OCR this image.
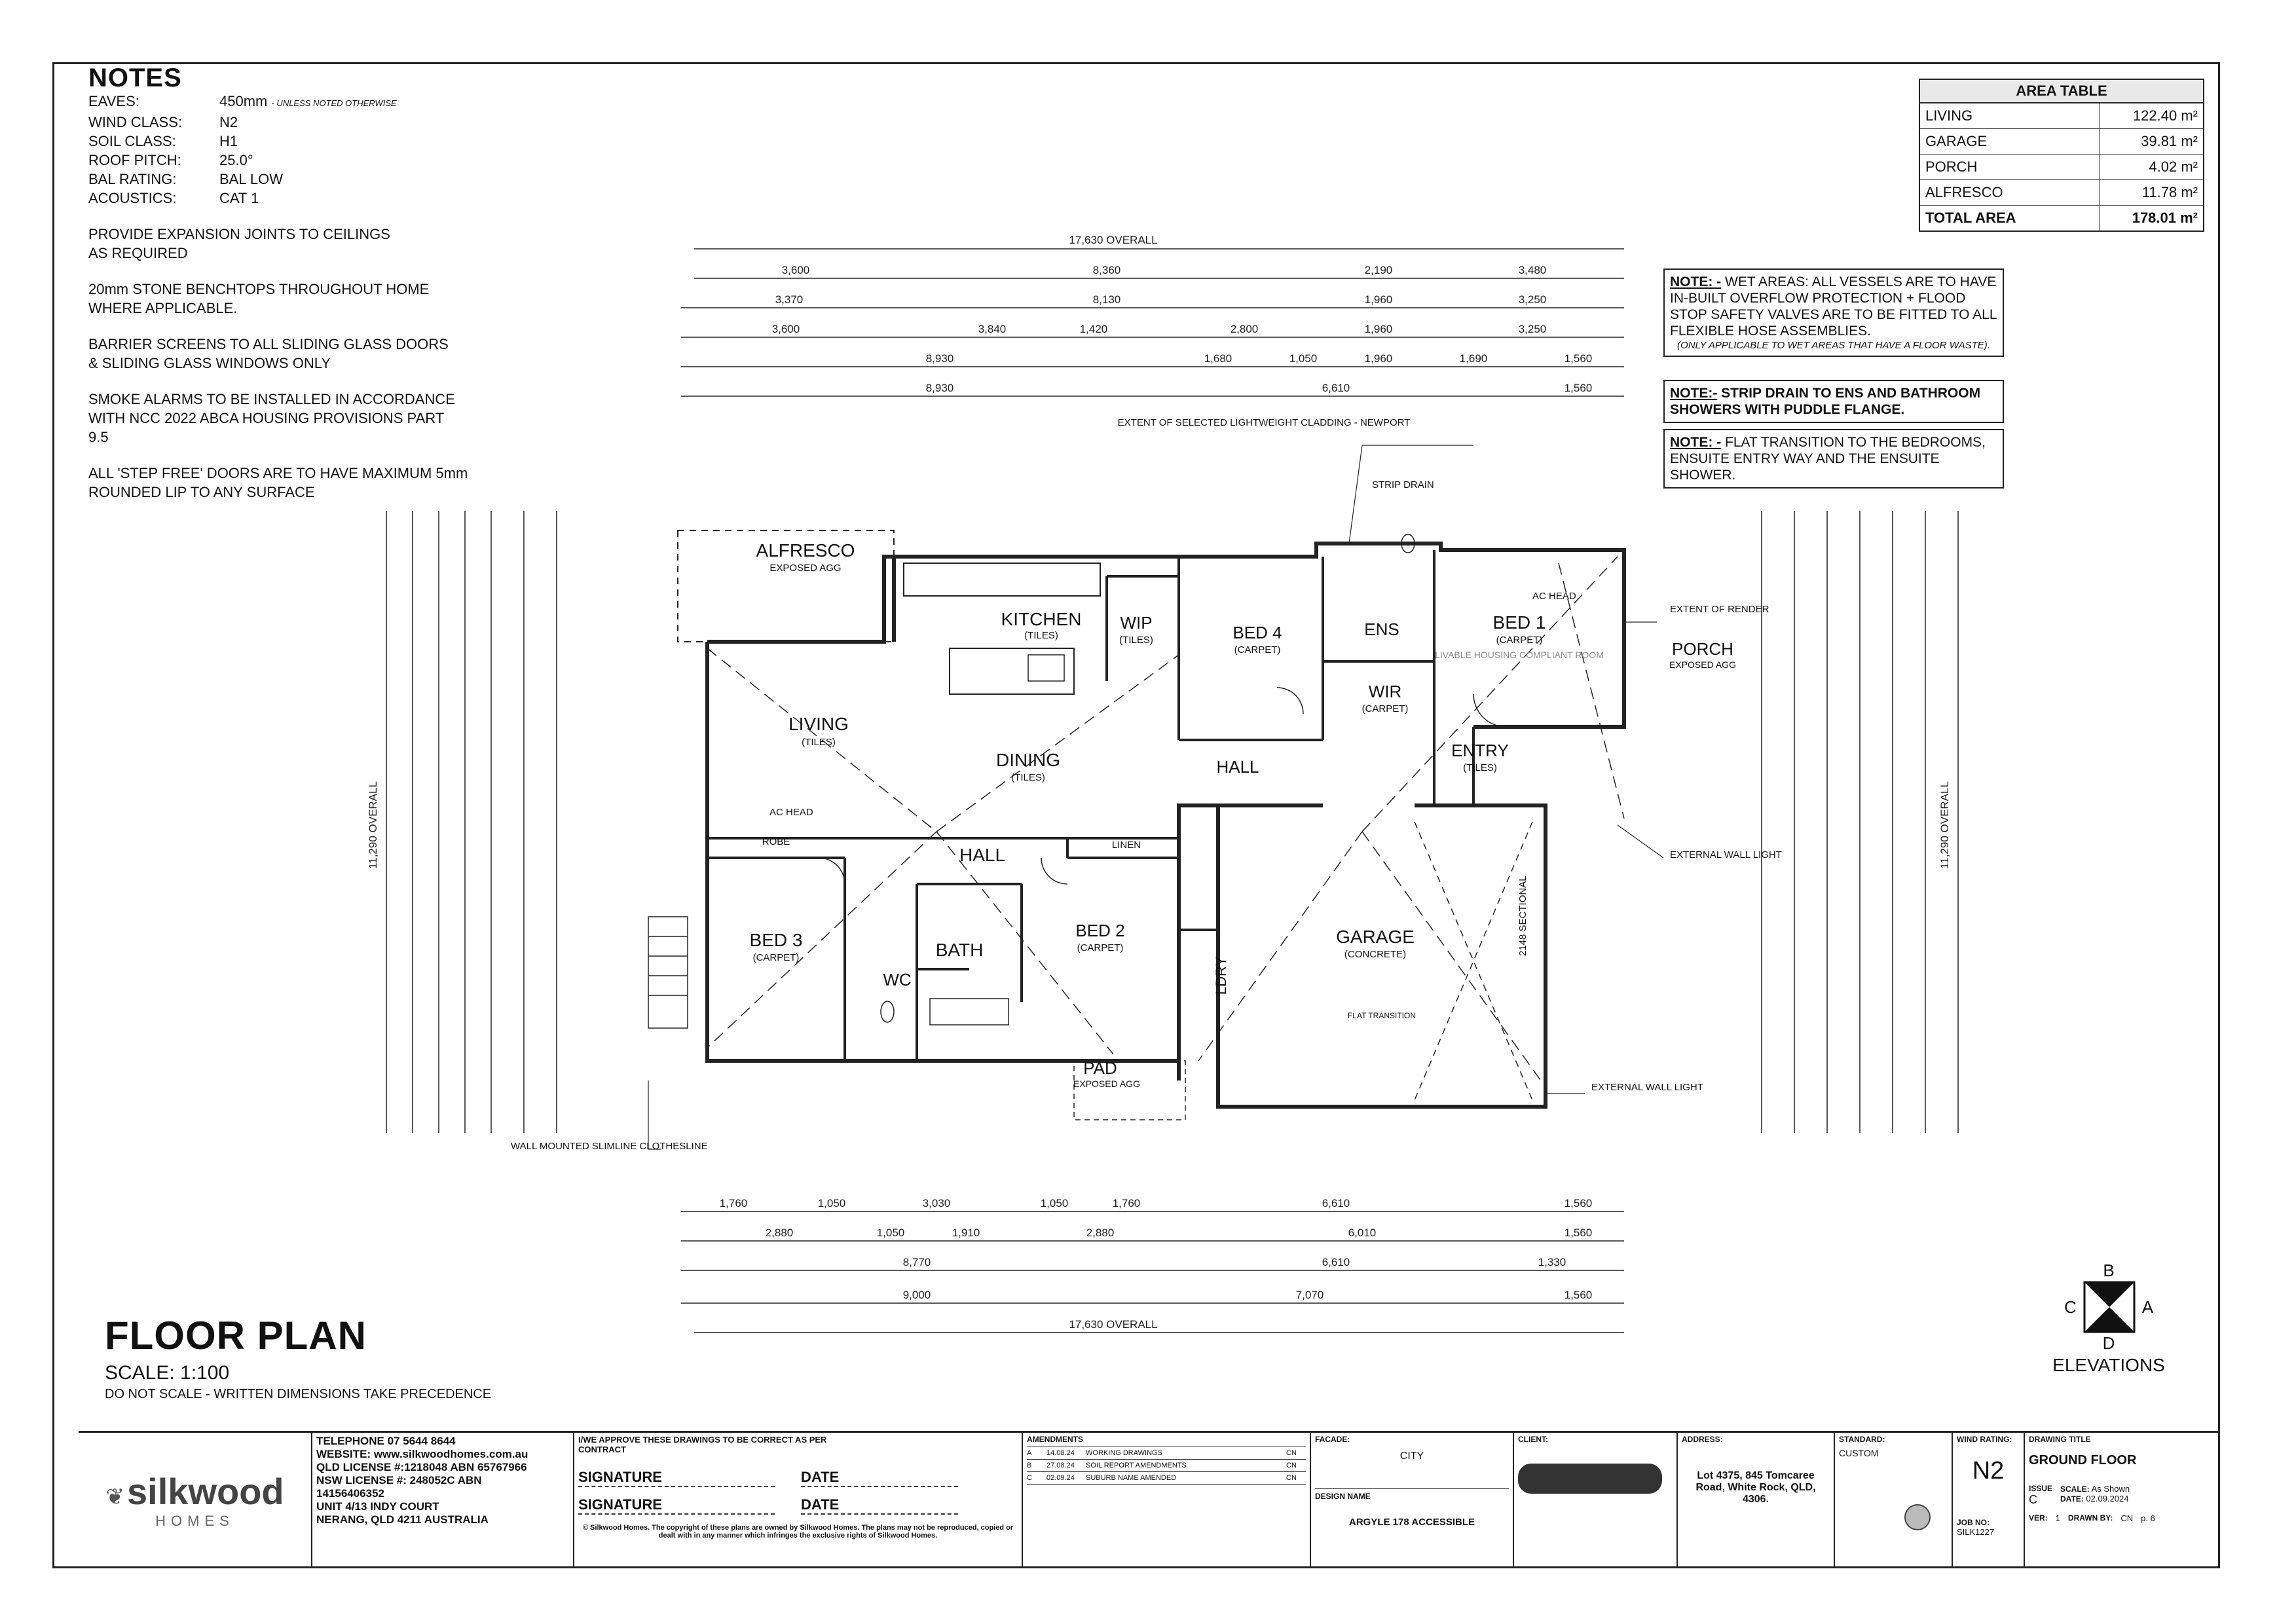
NOTES
EAVES:	450mm - UNLESS NOTED OTHERWISE
WIND CLASS:	N2
SOIL CLASS:	H1
ROOF PITCH:	25.0°
BAL RATING:	BAL LOW
ACOUSTICS:	CAT 1
PROVIDE EXPANSION JOINTS TO CEILINGS AS REQUIRED
20mm STONE BENCHTOPS THROUGHOUT HOME WHERE APPLICABLE.
BARRIER SCREENS TO ALL SLIDING GLASS DOORS & SLIDING GLASS WINDOWS ONLY
SMOKE ALARMS TO BE INSTALLED IN ACCORDANCE WITH NCC 2022 ABCA HOUSING PROVISIONS PART 9.5
ALL 'STEP FREE' DOORS ARE TO HAVE MAXIMUM 5mm ROUNDED LIP TO ANY SURFACE
AREA TABLE
LIVING	122.40 m²
GARAGE	39.81 m²
PORCH	4.02 m²
ALFRESCO	11.78 m²
TOTAL AREA	178.01 m²
NOTE: - WET AREAS: ALL VESSELS ARE TO HAVE IN-BUILT OVERFLOW PROTECTION + FLOOD STOP SAFETY VALVES ARE TO BE FITTED TO ALL FLEXIBLE HOSE ASSEMBLIES.
(ONLY APPLICABLE TO WET AREAS THAT HAVE A FLOOR WASTE).
NOTE:- STRIP DRAIN TO ENS AND BATHROOM SHOWERS WITH PUDDLE FLANGE.
NOTE: - FLAT TRANSITION TO THE BEDROOMS, ENSUITE ENTRY WAY AND THE ENSUITE SHOWER.
17,630 OVERALL
3,600	8,360	2,190	3,480
3,370	8,130	1,960	3,250
3,600	3,840	1,420	2,800	1,960	3,250
8,930	1,680	1,050	1,960	1,690	1,560
8,930	6,610	1,560
1,760	1,050	3,030	1,050	1,760	6,610	1,560
2,880	1,050	1,910	2,880	6,010	1,560
8,770	6,610	1,330
9,000	7,070	1,560
17,630 OVERALL
11,290 OVERALL	11,290 OVERALL
ALFRESCO
EXPOSED AGG
KITCHEN
(TILES)
WIP
(TILES)	BED 4
(CARPET)
ENS
WIR
(CARPET)
BED 1
(CARPET)
LIVABLE HOUSING COMPLIANT ROOM	PORCH
EXPOSED AGG
LIVING
(TILES)
DINING
(TILES)
HALL
ENTRY
(TILES)
HALL
BED 3
(CARPET)	BATH
WC
BED 2
(CARPET)
LINEN
ROBE
LDRY
GARAGE
(CONCRETE)
PAD
EXPOSED AGG
WALL MOUNTED SLIMLINE CLOTHESLINE
EXTENT OF SELECTED LIGHTWEIGHT CLADDING - NEWPORT
EXTENT OF RENDER
EXTERNAL WALL LIGHT
EXTERNAL WALL LIGHT
STRIP DRAIN
AC HEAD
AC HEAD
2148 SECTIONAL
FLAT TRANSITION
FLOOR PLAN
SCALE: 1:100
DO NOT SCALE - WRITTEN DIMENSIONS TAKE PRECEDENCE
B
C	A
D
ELEVATIONS
❦ silkwood
HOMES
TELEPHONE 07 5644 8644
WEBSITE: www.silkwoodhomes.com.au
QLD LICENSE #:1218048 ABN 65767966
NSW LICENSE #: 248052C ABN
14156406352
UNIT 4/13 INDY COURT
NERANG, QLD 4211 AUSTRALIA
I/WE APPROVE THESE DRAWINGS TO BE CORRECT AS PER CONTRACT
SIGNATURE	DATE
SIGNATURE	DATE
© Silkwood Homes. The copyright of these plans are owned by Silkwood Homes. The plans may not be reproduced, copied or dealt with in any manner which infringes the exclusive rights of Silkwood Homes.
AMENDMENTS
A	14.08.24	WORKING DRAWINGS	CN
B	27.08.24	SOIL REPORT AMENDMENTS	CN
C	02.09.24	SUBURB NAME AMENDED	CN
FACADE:
CITY
DESIGN NAME
ARGYLE 178 ACCESSIBLE
CLIENT:	ADDRESS:
Lot 4375, 845 Tomcaree Road, White Rock, QLD, 4306.
STANDARD:
CUSTOM
WIND RATING:
N2
JOB NO:
SILK1227
DRAWING TITLE
GROUND FLOOR
ISSUE
C
SCALE: As Shown
DATE: 02.09.2024
VER: 1 DRAWN BY: CN p. 6
